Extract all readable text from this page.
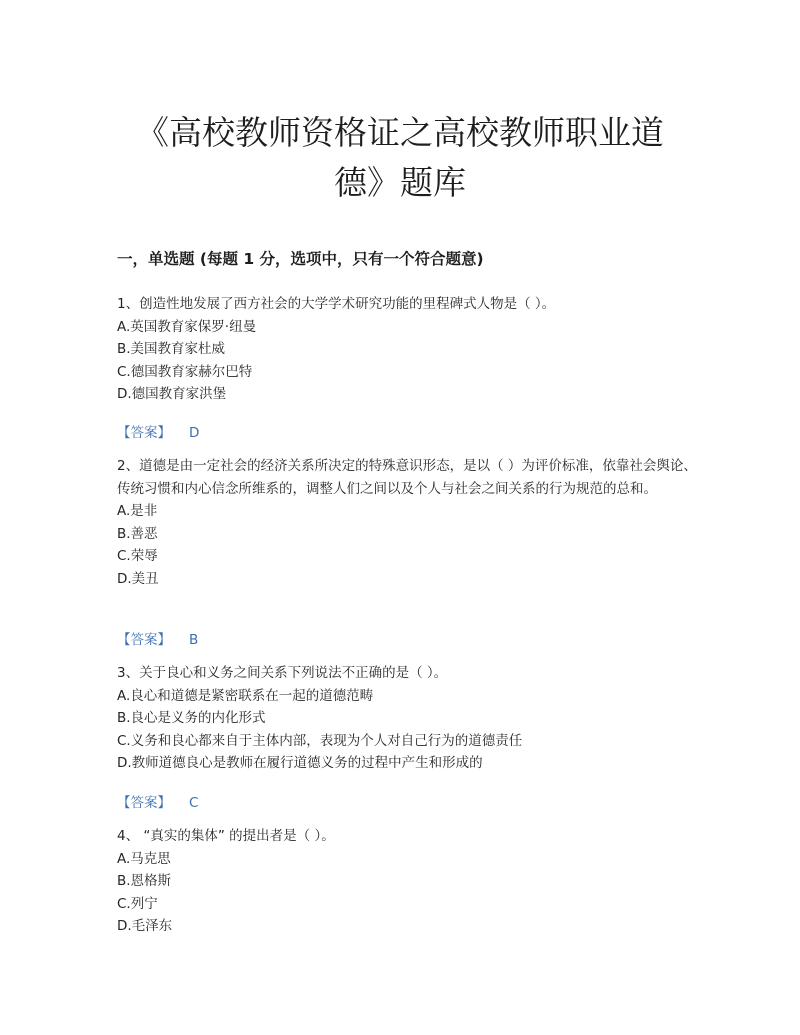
《高校教师资格证之高校教师职业道
德》题库
一，单选题 (每题 1 分，选项中，只有一个符合题意)
1、创造性地发展了西方社会的大学学术研究功能的里程碑式人物是（ ）。
A.英国教育家保罗·纽曼
B.美国教育家杜威
C.德国教育家赫尔巴特
D.德国教育家洪堡
【答案】 D
2、道德是由一定社会的经济关系所决定的特殊意识形态，是以（ ）为评价标准，依靠社会舆论、传统习惯和内心信念所维系的，调整人们之间以及个人与社会之间关系的行为规范的总和。
A.是非
B.善恶
C.荣辱
D.美丑
【答案】 B
3、关于良心和义务之间关系下列说法不正确的是（ ）。
A.良心和道德是紧密联系在一起的道德范畴
B.良心是义务的内化形式
C.义务和良心都来自于主体内部，表现为个人对自己行为的道德责任
D.教师道德良心是教师在履行道德义务的过程中产生和形成的
【答案】 C
4、 “真实的集体” 的提出者是（ ）。
A.马克思
B.恩格斯
C.列宁
D.毛泽东
